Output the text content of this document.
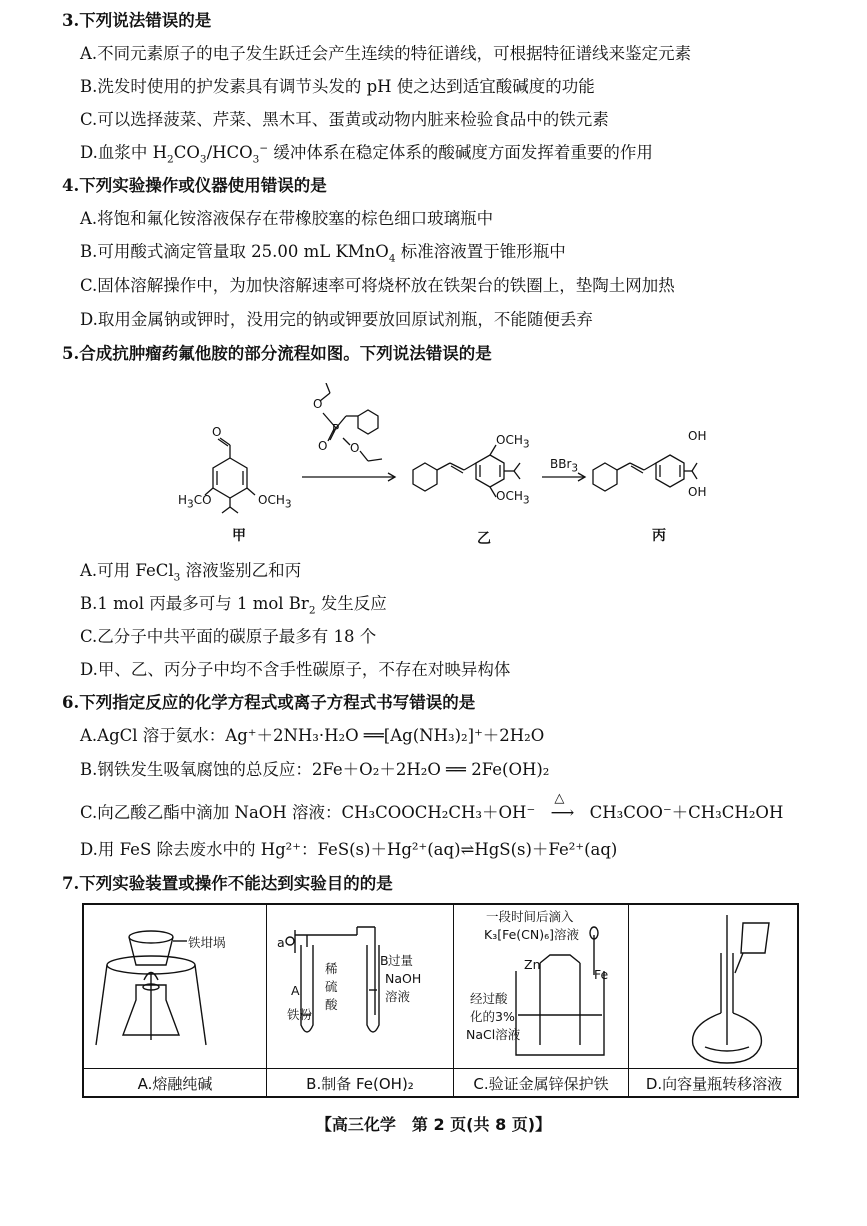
3.下列说法错误的是
A.不同元素原子的电子发生跃迁会产生连续的特征谱线，可根据特征谱线来鉴定元素
B.洗发时使用的护发素具有调节头发的 pH 使之达到适宜酸碱度的功能
C.可以选择菠菜、芹菜、黑木耳、蛋黄或动物内脏来检验食品中的铁元素
D.血浆中 $H_2CO_3/HCO_3^-$ 缓冲体系在稳定体系的酸碱度方面发挥着重要的作用
4.下列实验操作或仪器使用错误的是
A.将饱和氟化铵溶液保存在带橡胶塞的棕色细口玻璃瓶中
B.可用酸式滴定管量取 25.00 mL KMnO$_4$ 标准溶液置于锥形瓶中
C.固体溶解操作中，为加快溶解速率可将烧杯放在铁架台的铁圈上，垫陶土网加热
D.取用金属钠或钾时，没用完的钠或钾要放回原试剂瓶，不能随便丢弃
5.合成抗肿瘤药氟他胺的部分流程如图。下列说法错误的是
O
$H_3CO$	$OCH_3$
O
P
O O
$OCH_3$
$OCH_3$
BBr$_3$
OH
OH
甲	乙	丙
A.可用 FeCl$_3$ 溶液鉴别乙和丙
B.1 mol 丙最多可与 1 mol $Br_2$ 发生反应
C.乙分子中共平面的碳原子最多有 18 个
D.甲、乙、丙分子中均不含手性碳原子，不存在对映异构体
6.下列指定反应的化学方程式或离子方程式书写错误的是
A.AgCl 溶于氨水：Ag⁺＋2NH₃·H₂O ══[Ag(NH₃)₂]⁺＋2H₂O
B.钢铁发生吸氧腐蚀的总反应：2Fe＋O₂＋2H₂O ══ 2Fe(OH)₂
C.向乙酸乙酯中滴加 NaOH 溶液：CH₃COOCH₂CH₃＋OH⁻
△
⟶ CH₃COO⁻＋CH₃CH₂OH
D.用 FeS 除去废水中的 Hg²⁺：FeS(s)＋Hg²⁺(aq)⇌HgS(s)＋Fe²⁺(aq)
7.下列实验装置或操作不能达到实验目的的是
铁坩埚	a
A
B
铁粉
稀
硫
酸
过量
NaOH
溶液
一段时间后滴入
K₃[Fe(CN)₆]溶液
Zn
Fe
经过酸
化的3%
NaCl溶液
A.熔融纯碱	B.制备 Fe(OH)₂	C.验证金属锌保护铁	D.向容量瓶转移溶液
【高三化学　第 2 页(共 8 页)】
